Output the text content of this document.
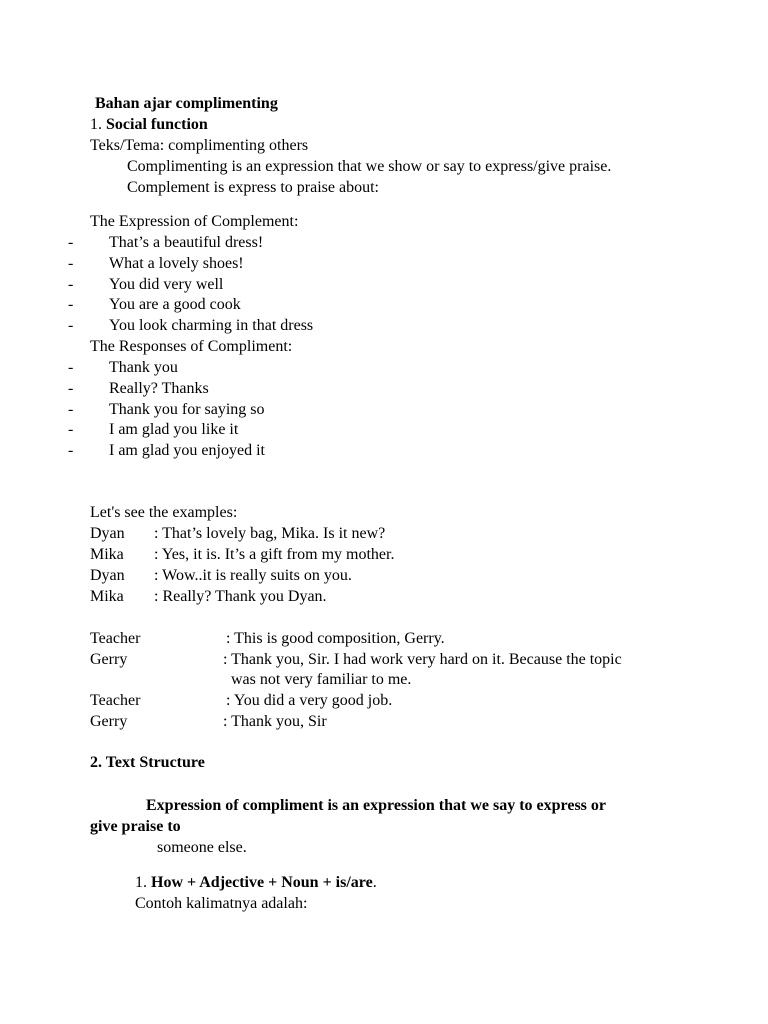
Bahan ajar complimenting
1. Social function
Teks/Tema: complimenting others
Complimenting is an expression that we show or say to express/give praise.
Complement is express to praise about:
The Expression of Complement:
- That’s a beautiful dress!
- What a lovely shoes!
- You did very well
- You are a good cook
- You look charming in that dress
The Responses of Compliment:
- Thank you
- Really? Thanks
- Thank you for saying so
- I am glad you like it
- I am glad you enjoyed it
Let's see the examples:
Dyan : That’s lovely bag, Mika. Is it new?
Mika : Yes, it is. It’s a gift from my mother.
Dyan : Wow..it is really suits on you.
Mika : Really? Thank you Dyan.
Teacher	: This is good composition, Gerry.
Gerry	: Thank you, Sir. I had work very hard on it. Because the topic
was not very familiar to me.
Teacher	: You did a very good job.
Gerry	: Thank you, Sir
2. Text Structure
Expression of compliment is an expression that we say to express or
give praise to
someone else.
1. How + Adjective + Noun + is/are.
Contoh kalimatnya adalah:
